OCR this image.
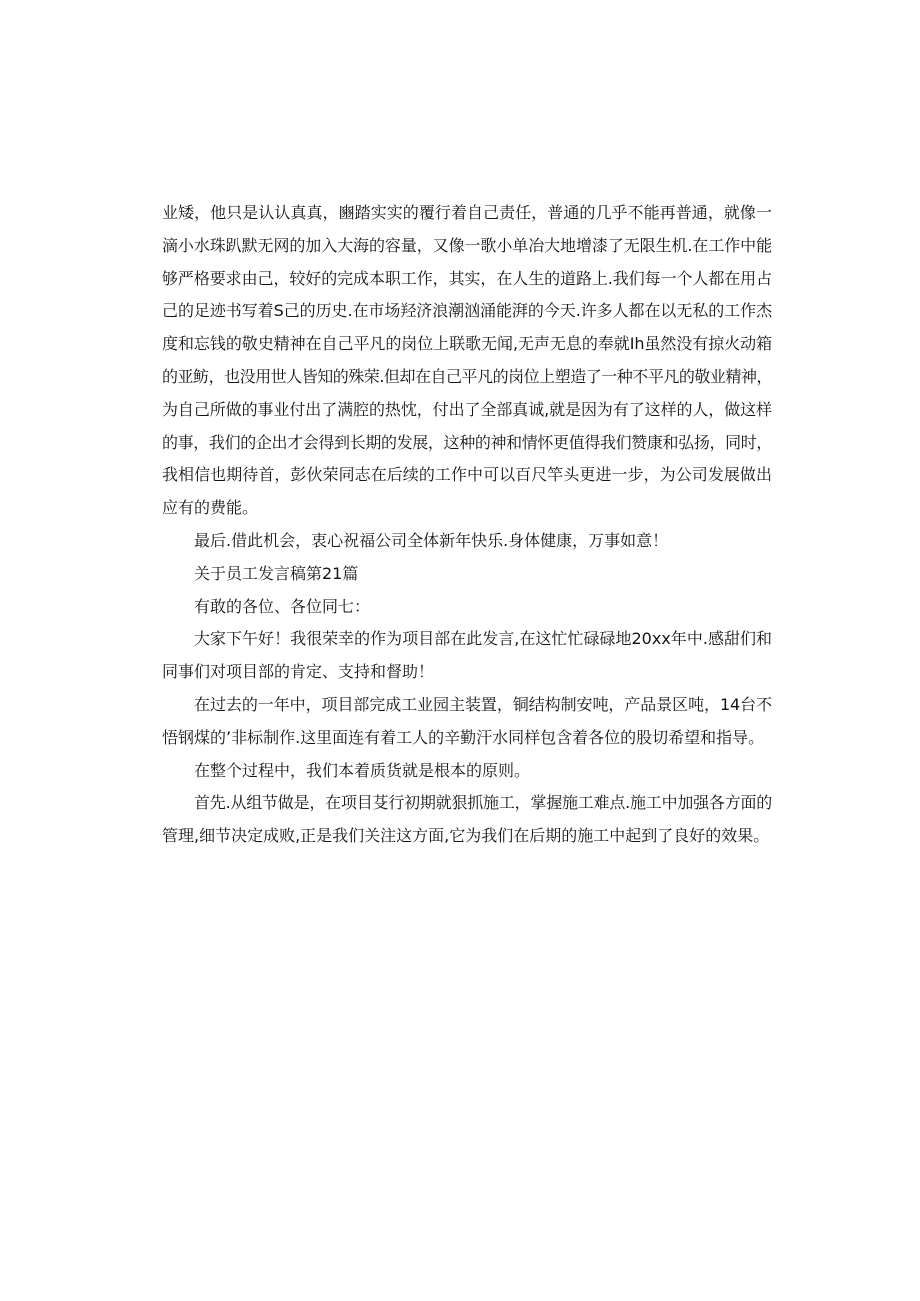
业矮，他只是认认真真，豳踏实实的覆行着自己责任，普通的几乎不能再普通，就像一
滴小水珠趴默无网的加入大海的容量，又像一歌小单冶大地增漆了无限生机.在工作中能
够严格要求由己，较好的完成本职工作，其实，在人生的道路上.我们每一个人都在用占
己的足迹书写着S己的历史.在市场羟济浪潮汹涌能湃的今天.许多人都在以无私的工作杰
度和忘钱的敬史精神在自己平凡的岗位上联歌无闻,无声无息的奉就Ih虽然没有掠火动箱
的亚鲂，也没用世人皆知的殊荣.但却在自己平凡的岗位上塑造了一种不平凡的敬业精神，
为自己所做的事业付出了满腔的热忱，付出了全部真诚,就是因为有了这样的人，做这样
的事，我们的企出才会得到长期的发展，这种的神和情怀更值得我们赞康和弘扬，同时，
我相信也期待首，彭伙荣同志在后续的工作中可以百尺竿头更进一步，为公司发展做出
应有的费能。
最后.借此机会，衷心祝福公司全体新年快乐.身体健康，万事如意！
关于员工发言稿第21篇
有敢的各位、各位同七：
大家下午好！我很荣幸的作为项目部在此发言,在这忙忙碌碌地20xx年中.感甜们和
同事们对项目部的肯定、支持和督助！
在过去的一年中，项目部完成工业园主装置，铜结构制安吨，产品景区吨，14台不
悟钢煤的’非标制作.这里面连有着工人的辛勤汗水同样包含着各位的股切希望和指导。
在整个过程中，我们本着质货就是根本的原则。
首先.从组节做是，在项目芟行初期就狠抓施工，掌握施工难点.施工中加强各方面的
管理,细节决定成败,正是我们关注这方面,它为我们在后期的施工中起到了良好的效果。
